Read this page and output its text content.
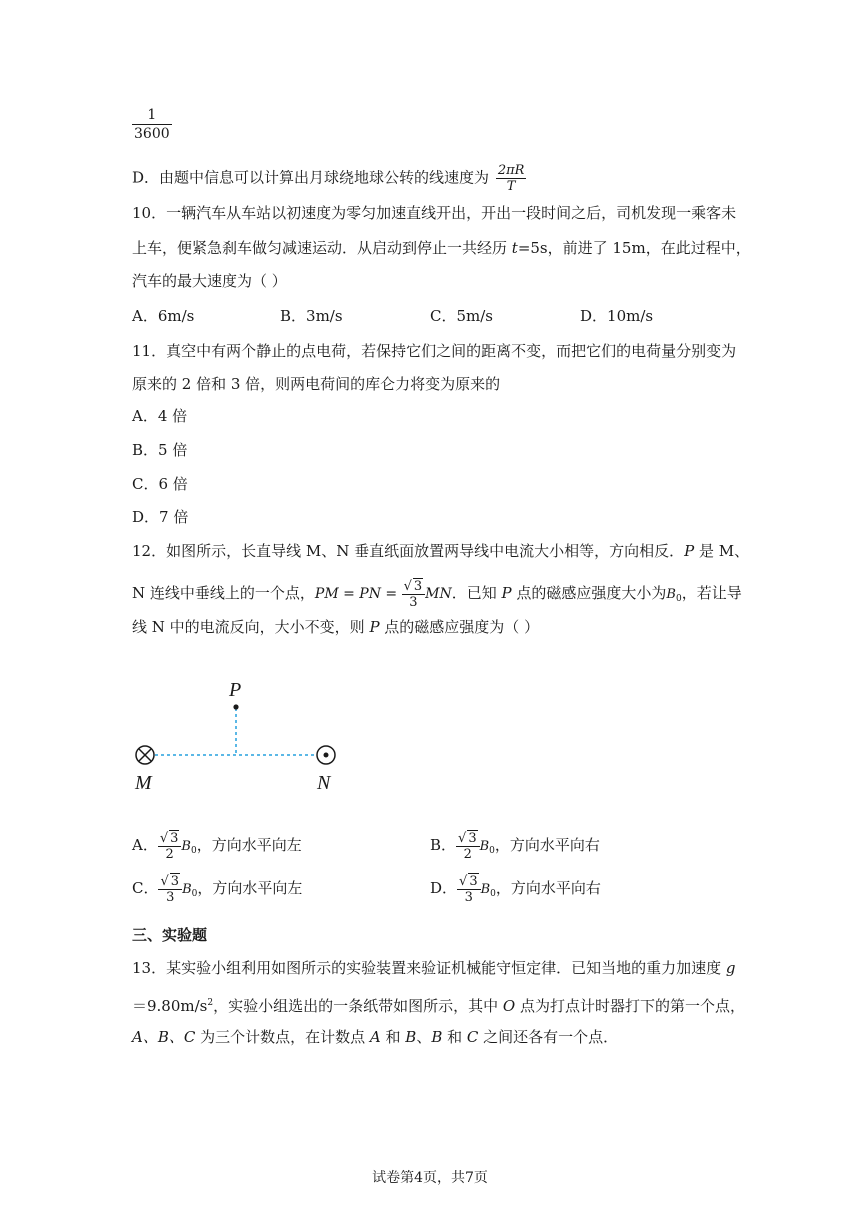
$\frac{1}{3600}$
D．由题中信息可以计算出月球绕地球公转的线速度为 $\frac{2\pi R}{T}$
10．一辆汽车从车站以初速度为零匀加速直线开出，开出一段时间之后，司机发现一乘客未
上车，便紧急刹车做匀减速运动．从启动到停止一共经历 t=5s，前进了 15m，在此过程中，
汽车的最大速度为（ ）
A．6m/s	B．3m/s	C．5m/s	D．10m/s
11．真空中有两个静止的点电荷，若保持它们之间的距离不变，而把它们的电荷量分别变为
原来的 2 倍和 3 倍，则两电荷间的库仑力将变为原来的
A．4 倍
B．5 倍
C．6 倍
D．7 倍
12．如图所示，长直导线 M、N 垂直纸面放置两导线中电流大小相等，方向相反．P 是 M、
N 连线中垂线上的一个点，PM = PN = $\frac{√ 3}{3}$ MN．已知 P 点的磁感应强度大小为$B_0$，若让导
线 N 中的电流反向，大小不变，则 P 点的磁感应强度为（ ）
P
M	N
A． $\frac{√ 3}{2} B_0$，方向水平向左	B． $\frac{√ 3}{2} B_0$，方向水平向右
C． $\frac{√ 3}{3} B_0$，方向水平向左	D． $\frac{√ 3}{3} B_0$，方向水平向右
三、实验题
13．某实验小组利用如图所示的实验装置来验证机械能守恒定律．已知当地的重力加速度 g
$=9.80m/s^2$，实验小组选出的一条纸带如图所示，其中 O 点为打点计时器打下的第一个点，
A、B、C 为三个计数点，在计数点 A 和 B、B 和 C 之间还各有一个点．
试卷第4页，共7页
